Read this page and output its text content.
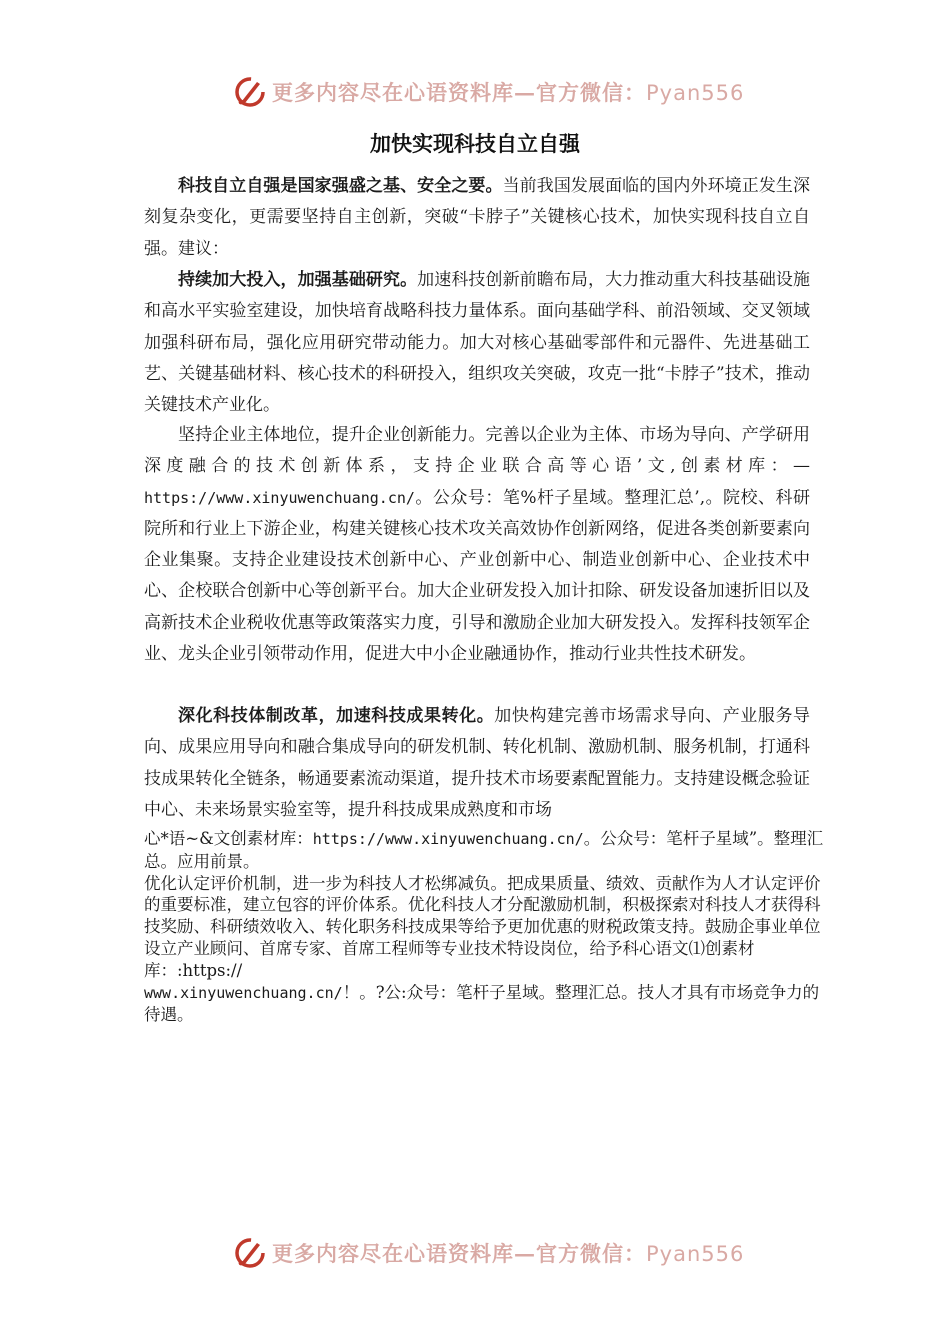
更多内容尽在心语资料库—官方微信：Pyan556
加快实现科技自立自强

科技自立自强是国家强盛之基、安全之要。当前我国发展面临的国内外环境正发生深刻复杂变化，更需要坚持自主创新，突破“卡脖子”关键核心技术，加快实现科技自立自强。建议：

持续加大投入，加强基础研究。加速科技创新前瞻布局，大力推动重大科技基础设施和高水平实验室建设，加快培育战略科技力量体系。面向基础学科、前沿领域、交叉领域加强科研布局，强化应用研究带动能力。加大对核心基础零部件和元器件、先进基础工艺、关键基础材料、核心技术的科研投入，组织攻关突破，攻克一批“卡脖子”技术，推动关键技术产业化。

坚持企业主体地位，提升企业创新能力。完善以企业为主体、市场为导向、产学研用深度融合的技术创新体系，支持企业联合高等心语’文,创素材库：—https://www.xinyuwenchuang.cn/。公众号：笔%杆子星域。整理汇总’,。院校、科研院所和行业上下游企业，构建关键核心技术攻关高效协作创新网络，促进各类创新要素向企业集聚。支持企业建设技术创新中心、产业创新中心、制造业创新中心、企业技术中心、企校联合创新中心等创新平台。加大企业研发投入加计扣除、研发设备加速折旧以及高新技术企业税收优惠等政策落实力度，引导和激励企业加大研发投入。发挥科技领军企业、龙头企业引领带动作用，促进大中小企业融通协作，推动行业共性技术研发。

深化科技体制改革，加速科技成果转化。加快构建完善市场需求导向、产业服务导向、成果应用导向和融合集成导向的研发机制、转化机制、激励机制、服务机制，打通科技成果转化全链条，畅通要素流动渠道，提升技术市场要素配置能力。支持建设概念验证中心、未来场景实验室等，提升科技成果成熟度和市场

心*语~&文创素材库：https://www.xinyuwenchuang.cn/。公众号：笔杆子星域”。整理汇总。应用前景。

优化认定评价机制，进一步为科技人才松绑减负。把成果质量、绩效、贡献作为人才认定评价的重要标准，建立包容的评价体系。优化科技人才分配激励机制，积极探索对科技人才获得科技奖励、科研绩效收入、转化职务科技成果等给予更加优惠的财税政策支持。鼓励企事业单位设立产业顾问、首席专家、首席工程师等专业技术特设岗位，给予科心语文⑴创素材库：:https://
www.xinyuwenchuang.cn/！。?公:众号：笔杆子星域。整理汇总。技人才具有市场竞争力的待遇。

更多内容尽在心语资料库—官方微信：Pyan556
